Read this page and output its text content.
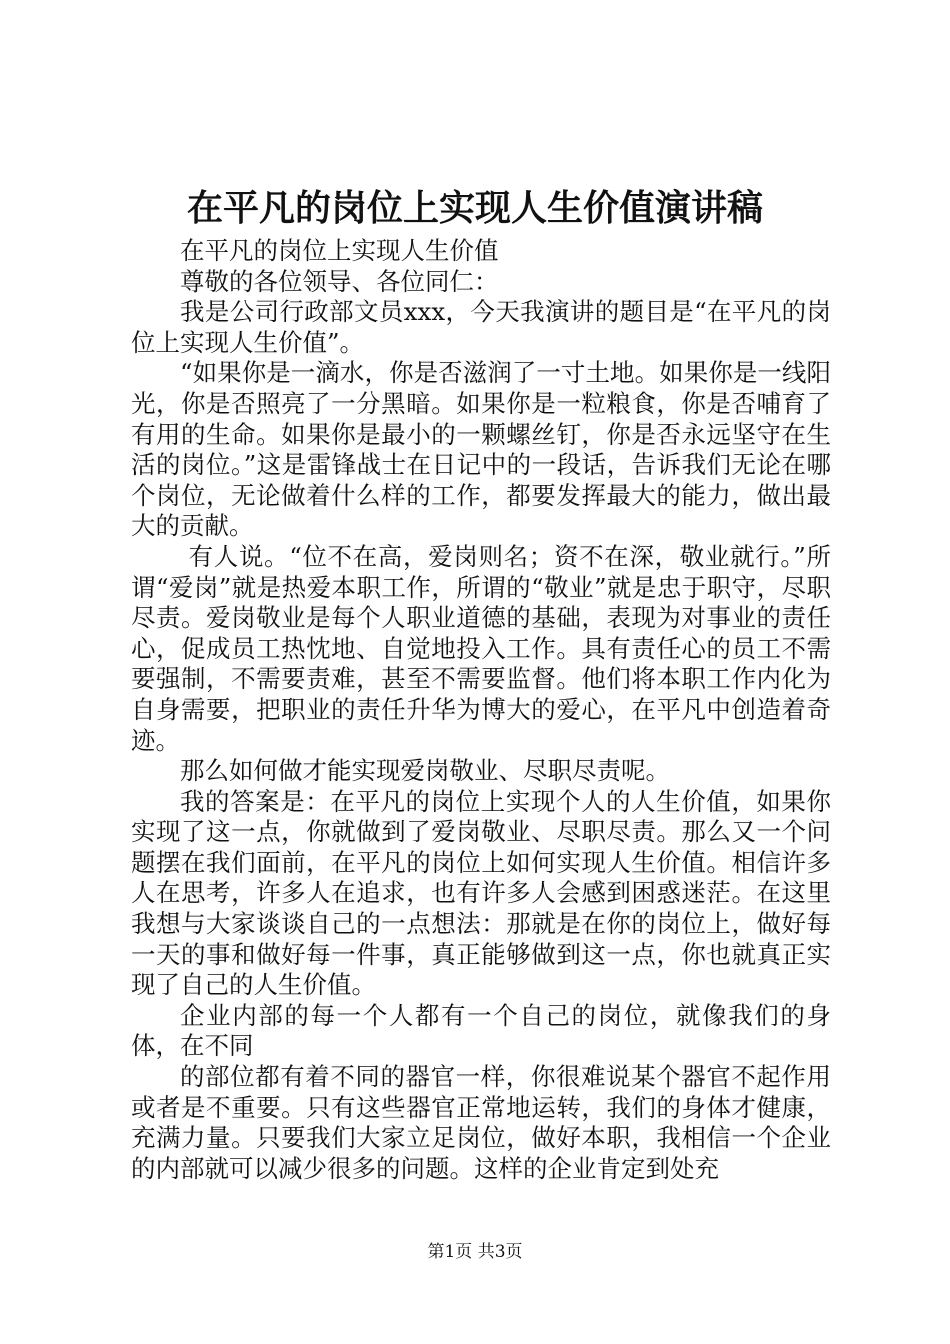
在平凡的岗位上实现人生价值演讲稿

在平凡的岗位上实现人生价值

尊敬的各位领导、各位同仁：

我是公司行政部文员xxx，今天我演讲的题目是“在平凡的岗位上实现人生价值”。

“如果你是一滴水，你是否滋润了一寸土地。如果你是一线阳光，你是否照亮了一分黑暗。如果你是一粒粮食，你是否哺育了有用的生命。如果你是最小的一颗螺丝钉，你是否永远坚守在生活的岗位。”这是雷锋战士在日记中的一段话，告诉我们无论在哪个岗位，无论做着什么样的工作，都要发挥最大的能力，做出最大的贡献。

有人说。“位不在高，爱岗则名；资不在深，敬业就行。”所谓“爱岗”就是热爱本职工作，所谓的“敬业”就是忠于职守，尽职尽责。爱岗敬业是每个人职业道德的基础，表现为对事业的责任心，促成员工热忱地、自觉地投入工作。具有责任心的员工不需要强制，不需要责难，甚至不需要监督。他们将本职工作内化为自身需要，把职业的责任升华为博大的爱心，在平凡中创造着奇迹。

那么如何做才能实现爱岗敬业、尽职尽责呢。

我的答案是：在平凡的岗位上实现个人的人生价值，如果你实现了这一点，你就做到了爱岗敬业、尽职尽责。那么又一个问题摆在我们面前，在平凡的岗位上如何实现人生价值。相信许多人在思考，许多人在追求，也有许多人会感到困惑迷茫。在这里我想与大家谈谈自己的一点想法：那就是在你的岗位上，做好每一天的事和做好每一件事，真正能够做到这一点，你也就真正实现了自己的人生价值。

企业内部的每一个人都有一个自己的岗位，就像我们的身体，在不同

的部位都有着不同的器官一样，你很难说某个器官不起作用或者是不重要。只有这些器官正常地运转，我们的身体才健康，充满力量。只要我们大家立足岗位，做好本职，我相信一个企业的内部就可以减少很多的问题。这样的企业肯定到处充

第1页 共3页
